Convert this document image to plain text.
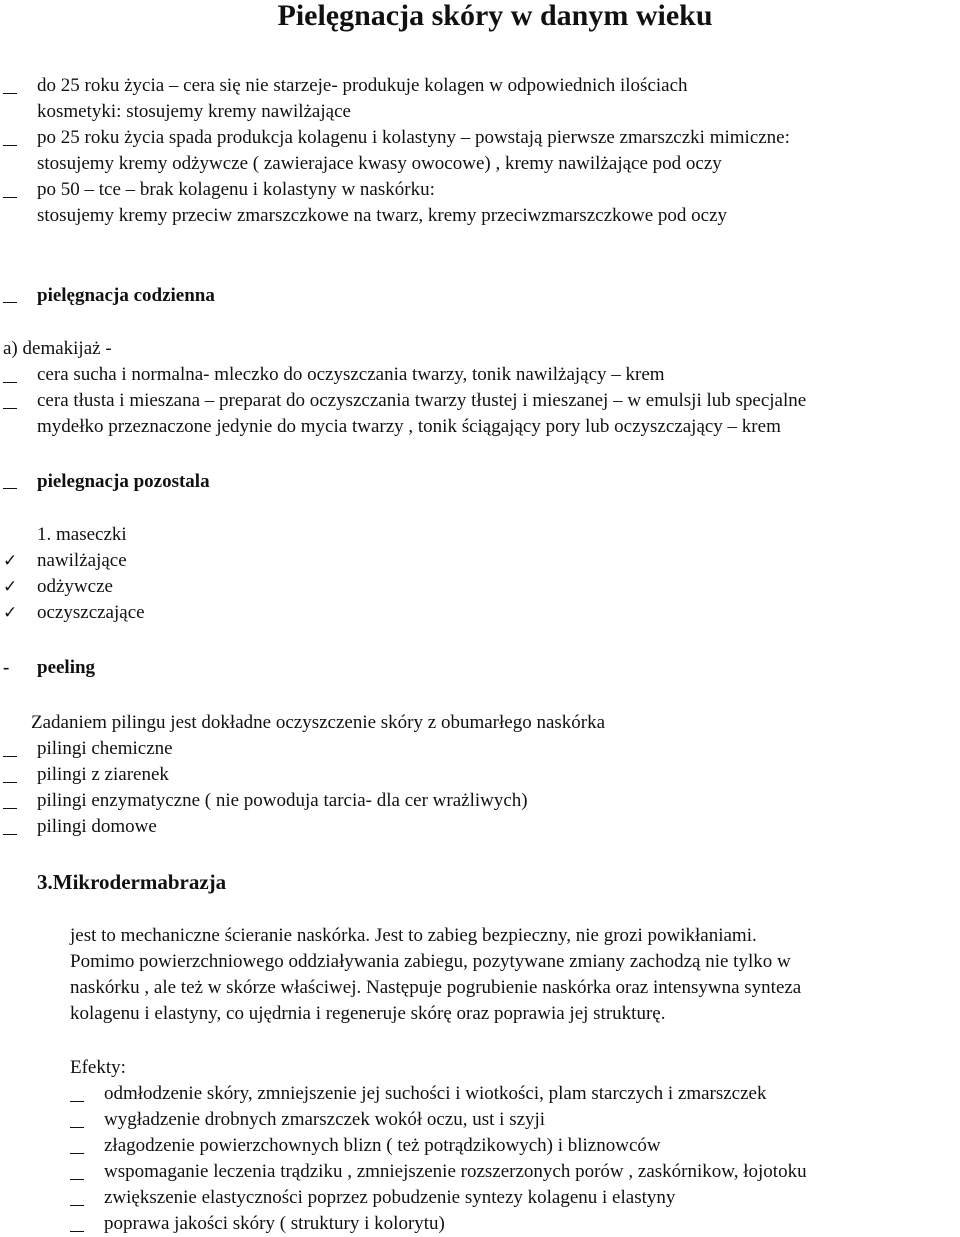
Pielęgnacja skóry w danym wieku
do 25 roku życia – cera się nie starzeje- produkuje kolagen w odpowiednich ilościach
kosmetyki: stosujemy kremy nawilżające
po 25 roku życia spada produkcja kolagenu i kolastyny – powstają pierwsze zmarszczki mimiczne:
stosujemy kremy odżywcze ( zawierajace kwasy owocowe) , kremy nawilżające pod oczy
po 50 – tce – brak kolagenu i kolastyny w naskórku:
stosujemy kremy przeciw zmarszczkowe na twarz, kremy przeciwzmarszczkowe pod oczy
pielęgnacja codzienna
a) demakijaż -
cera sucha i normalna- mleczko do oczyszczania twarzy, tonik nawilżający – krem
cera tłusta i mieszana – preparat do oczyszczania twarzy tłustej i mieszanej – w emulsji lub specjalne
mydełko przeznaczone jedynie do mycia twarzy , tonik ściągający pory lub oczyszczający – krem
pielegnacja pozostala
1. maseczki
✓ nawilżające
✓ odżywcze
✓ oczyszczające
- peeling
Zadaniem pilingu jest dokładne oczyszczenie skóry z obumarłego naskórka
pilingi chemiczne
pilingi z ziarenek
pilingi enzymatyczne ( nie powoduja tarcia- dla cer wrażliwych)
pilingi domowe
3.Mikrodermabrazja
jest to mechaniczne ścieranie naskórka. Jest to zabieg bezpieczny, nie grozi powikłaniami.
Pomimo powierzchniowego oddziaływania zabiegu, pozytywane zmiany zachodzą nie tylko w
naskórku , ale też w skórze właściwej. Następuje pogrubienie naskórka oraz intensywna synteza
kolagenu i elastyny, co ujędrnia i regeneruje skórę oraz poprawia jej strukturę.
Efekty:
odmłodzenie skóry, zmniejszenie jej suchości i wiotkości, plam starczych i zmarszczek
wygładzenie drobnych zmarszczek wokół oczu, ust i szyji
złagodzenie powierzchownych blizn ( też potrądzikowych) i bliznowców
wspomaganie leczenia trądziku , zmniejszenie rozszerzonych porów , zaskórnikow, łojotoku
zwiększenie elastyczności poprzez pobudzenie syntezy kolagenu i elastyny
poprawa jakości skóry ( struktury i kolorytu)
